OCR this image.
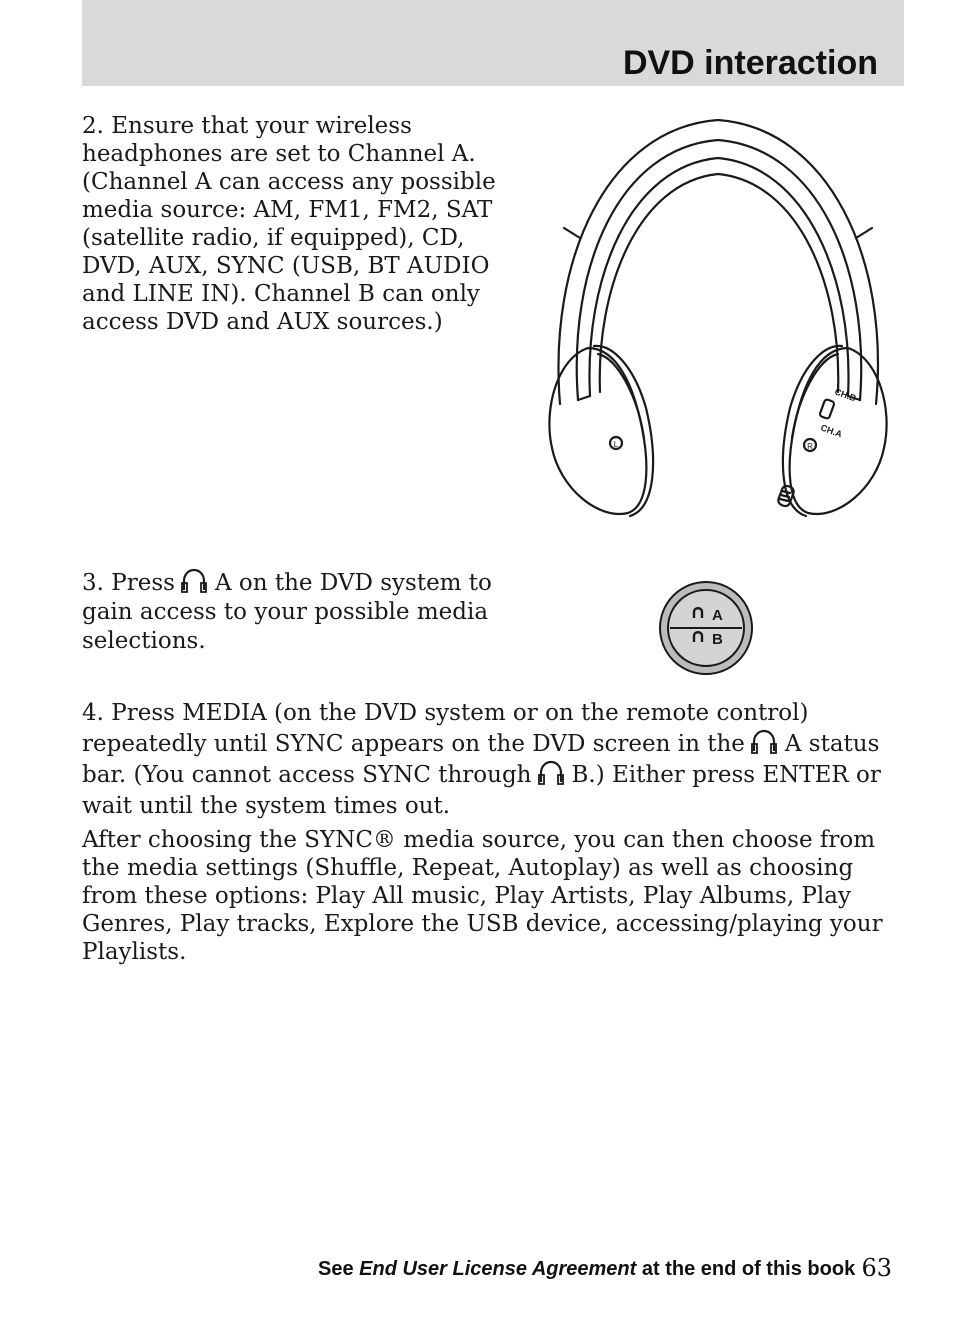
DVD interaction

2. Ensure that your wireless headphones are set to Channel A. (Channel A can access any possible media source: AM, FM1, FM2, SAT (satellite radio, if equipped), CD, DVD, AUX, SYNC (USB, BT AUDIO and LINE IN). Channel B can only access DVD and AUX sources.)

L	R
CH.B
CH.A

3. Press A on the DVD system to gain access to your possible media selections.

A
B

4. Press MEDIA (on the DVD system or on the remote control) repeatedly until SYNC appears on the DVD screen in the A status bar. (You cannot access SYNC through B.) Either press ENTER or wait until the system times out.

After choosing the SYNC® media source, you can then choose from the media settings (Shuffle, Repeat, Autoplay) as well as choosing from these options: Play All music, Play Artists, Play Albums, Play Genres, Play tracks, Explore the USB device, accessing/playing your Playlists.

See End User License Agreement at the end of this book 63
